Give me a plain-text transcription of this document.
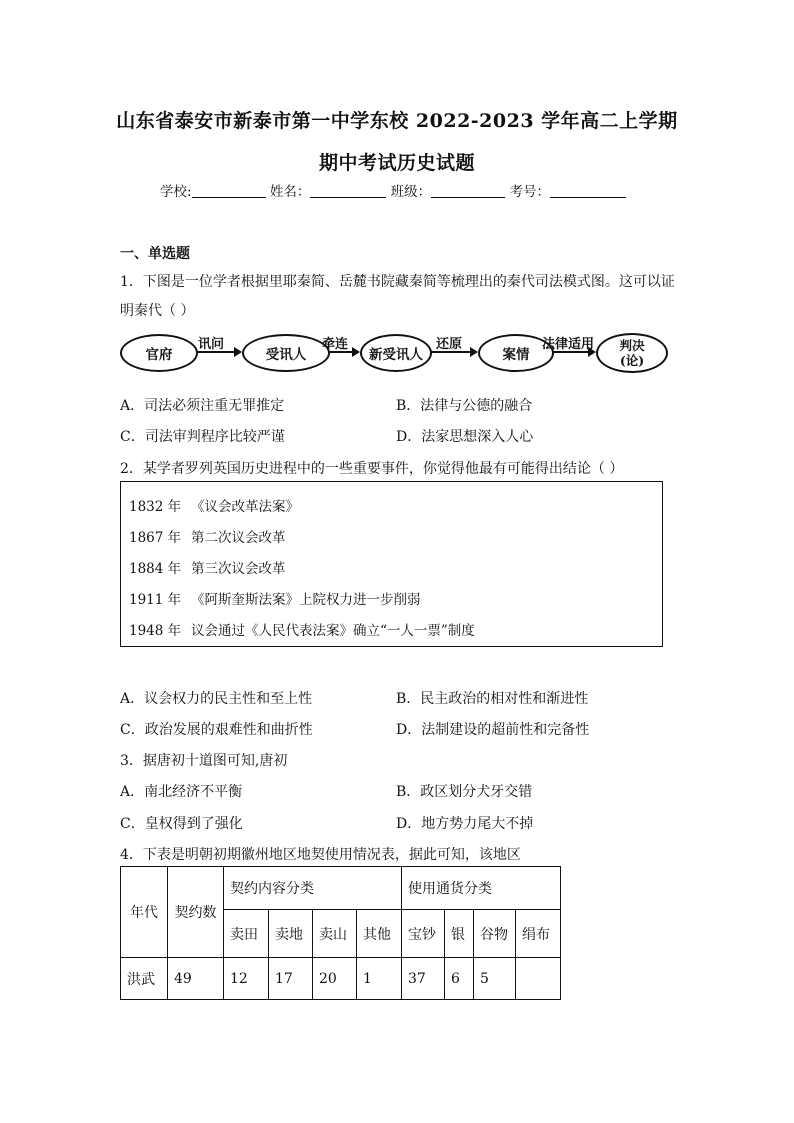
山东省泰安市新泰市第一中学东校 2022-2023 学年高二上学期
期中考试历史试题
学校:	姓名：	班级：	考号：
一、单选题
1．下图是一位学者根据里耶秦简、岳麓书院藏秦简等梳理出的秦代司法模式图。这可以证
明秦代（ ）
官府
讯问
受讯人
牵连
新受讯人
还原
案情
法律适用 判决
(论)
A．司法必须注重无罪推定	B．法律与公德的融合
C．司法审判程序比较严谨	D．法家思想深入人心
2．某学者罗列英国历史进程中的一些重要事件，你觉得他最有可能得出结论（ ）
1832 年 《议会改革法案》
1867 年 第二次议会改革
1884 年 第三次议会改革
1911 年 《阿斯奎斯法案》上院权力进一步削弱
1948 年 议会通过《人民代表法案》确立“一人一票”制度
A．议会权力的民主性和至上性	B．民主政治的相对性和渐进性
C．政治发展的艰难性和曲折性	D．法制建设的超前性和完备性
3．据唐初十道图可知,唐初
A．南北经济不平衡	B．政区划分犬牙交错
C．皇权得到了强化	D．地方势力尾大不掉
4．下表是明朝初期徽州地区地契使用情况表，据此可知，该地区
年代	契约数	契约内容分类				使用通货分类			
		卖田	卖地	卖山	其他	宝钞	银	谷物	绢布
洪武	49	12	17	20	1	37	6	5	
